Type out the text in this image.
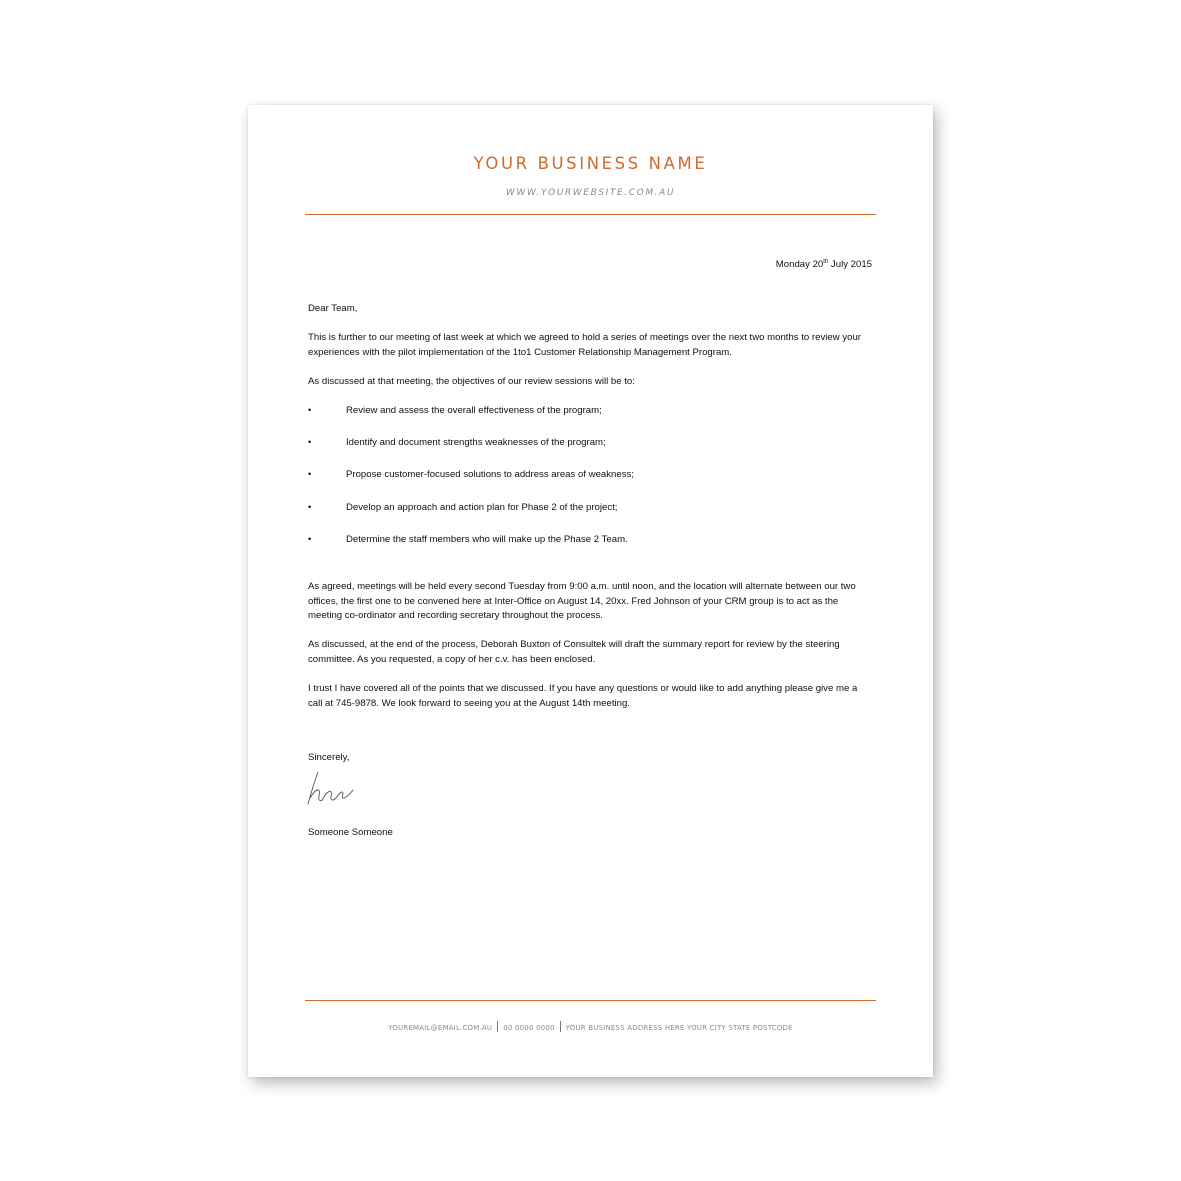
YOUR BUSINESS NAME
WWW.YOURWEBSITE.COM.AU
Monday 20th July 2015

Dear Team,

This is further to our meeting of last week at which we agreed to hold a series of meetings over the next two months to review your experiences with the pilot implementation of the 1to1 Customer Relationship Management Program.

As discussed at that meeting, the objectives of our review sessions will be to:

•	Review and assess the overall effectiveness of the program;
•	Identify and document strengths weaknesses of the program;
•	Propose customer-focused solutions to address areas of weakness;
•	Develop an approach and action plan for Phase 2 of the project;
•	Determine the staff members who will make up the Phase 2 Team.

As agreed, meetings will be held every second Tuesday from 9:00 a.m. until noon, and the location will alternate between our two offices, the first one to be convened here at Inter-Office on August 14, 20xx. Fred Johnson of your CRM group is to act as the meeting co-ordinator and recording secretary throughout the process.

As discussed, at the end of the process, Deborah Buxton of Consultek will draft the summary report for review by the steering committee. As you requested, a copy of her c.v. has been enclosed.

I trust I have covered all of the points that we discussed. If you have any questions or would like to add anything please give me a call at 745-9878. We look forward to seeing you at the August 14th meeting.

Sincerely,

Someone Someone

YOUREMAIL@EMAIL.COM.AU 00 0000 0000 YOUR BUSINESS ADDRESS HERE YOUR CITY STATE POSTCODE
